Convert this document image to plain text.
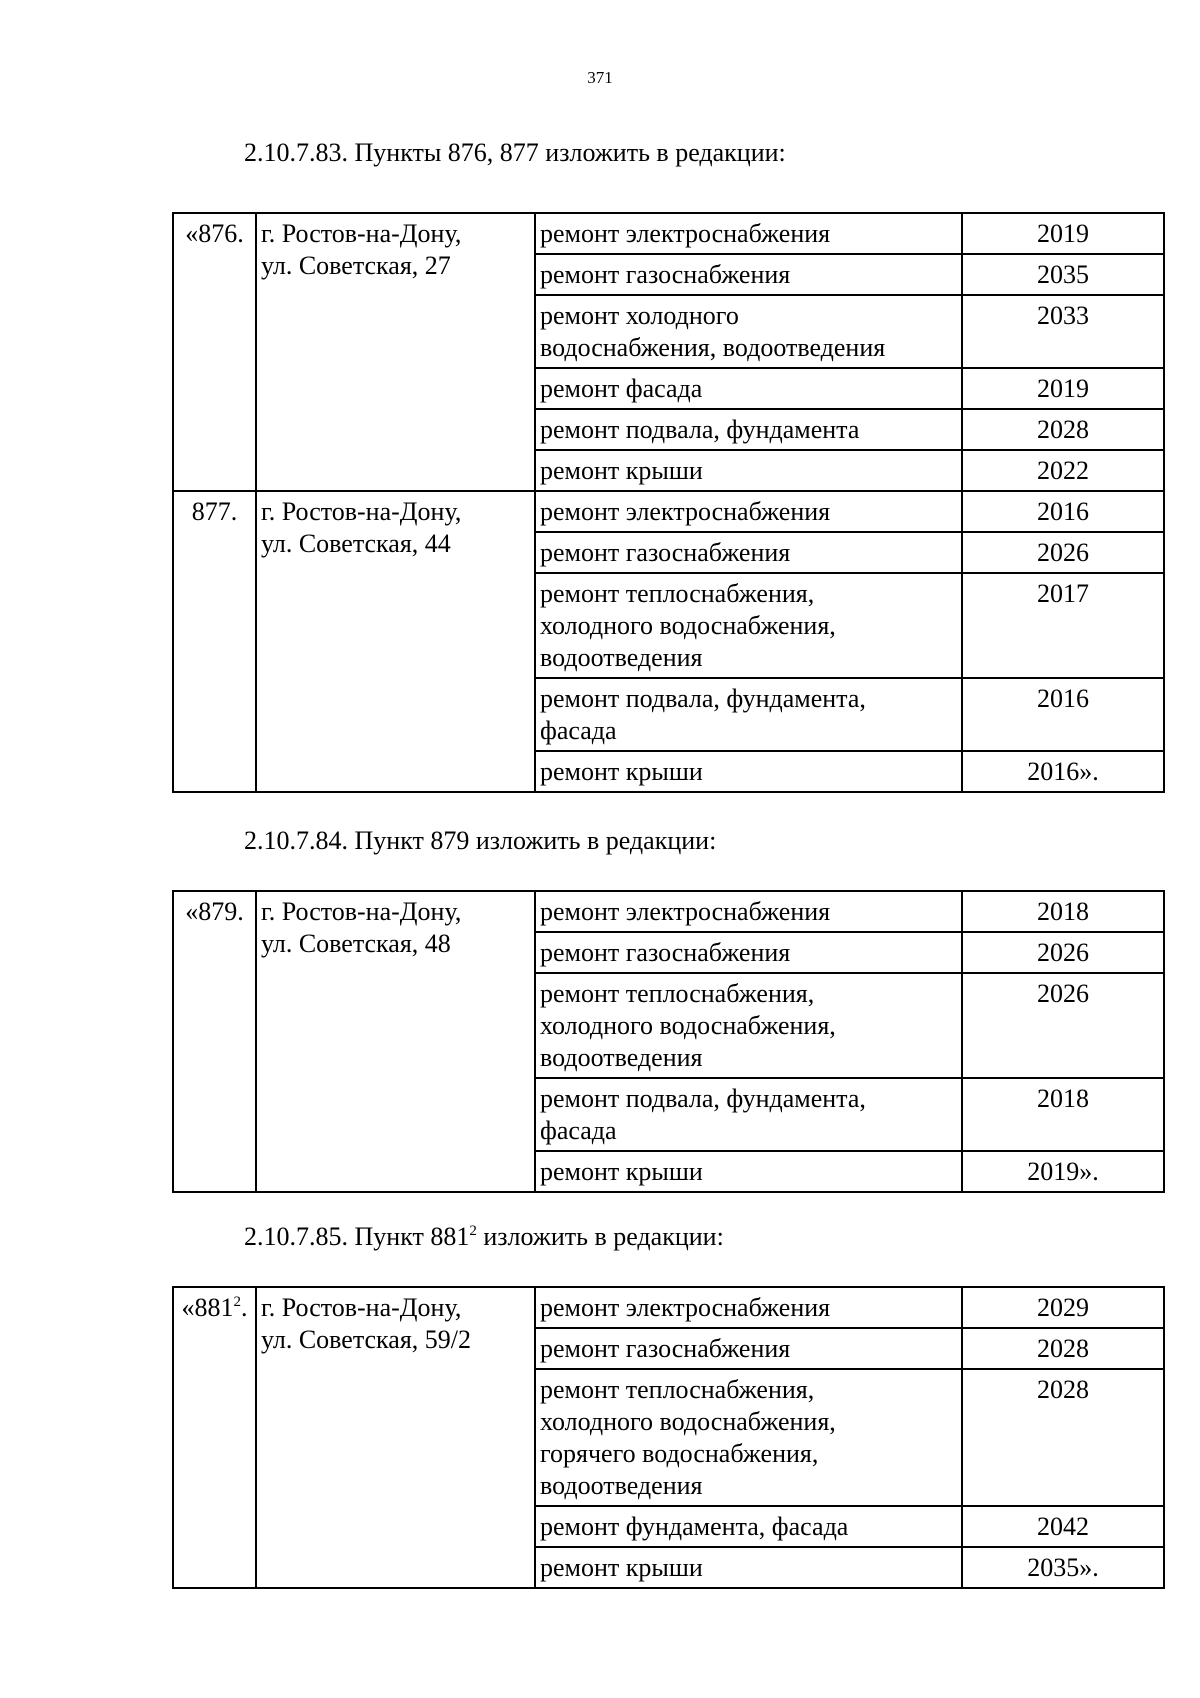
371
2.10.7.83. Пункты 876, 877 изложить в редакции:
«876.	г. Ростов-на-Дону,
ул. Советская, 27	ремонт электроснабжения	2019
		ремонт газоснабжения	2035
		ремонт холодного
водоснабжения, водоотведения	2033
		ремонт фасада	2019
		ремонт подвала, фундамента	2028
		ремонт крыши	2022
877.	г. Ростов-на-Дону,
ул. Советская, 44	ремонт электроснабжения	2016
		ремонт газоснабжения	2026
		ремонт теплоснабжения,
холодного водоснабжения,
водоотведения	2017
		ремонт подвала, фундамента,
фасада	2016
		ремонт крыши	2016».
2.10.7.84. Пункт 879 изложить в редакции:
«879.	г. Ростов-на-Дону,
ул. Советская, 48	ремонт электроснабжения	2018
		ремонт газоснабжения	2026
		ремонт теплоснабжения,
холодного водоснабжения,
водоотведения	2026
		ремонт подвала, фундамента,
фасада	2018
		ремонт крыши	2019».
2.10.7.85. Пункт $881^2$ изложить в редакции:
«$881^2$.	г. Ростов-на-Дону,
ул. Советская, 59/2	ремонт электроснабжения	2029
		ремонт газоснабжения	2028
		ремонт теплоснабжения,
холодного водоснабжения,
горячего водоснабжения,
водоотведения	2028
		ремонт фундамента, фасада	2042
		ремонт крыши	2035».
